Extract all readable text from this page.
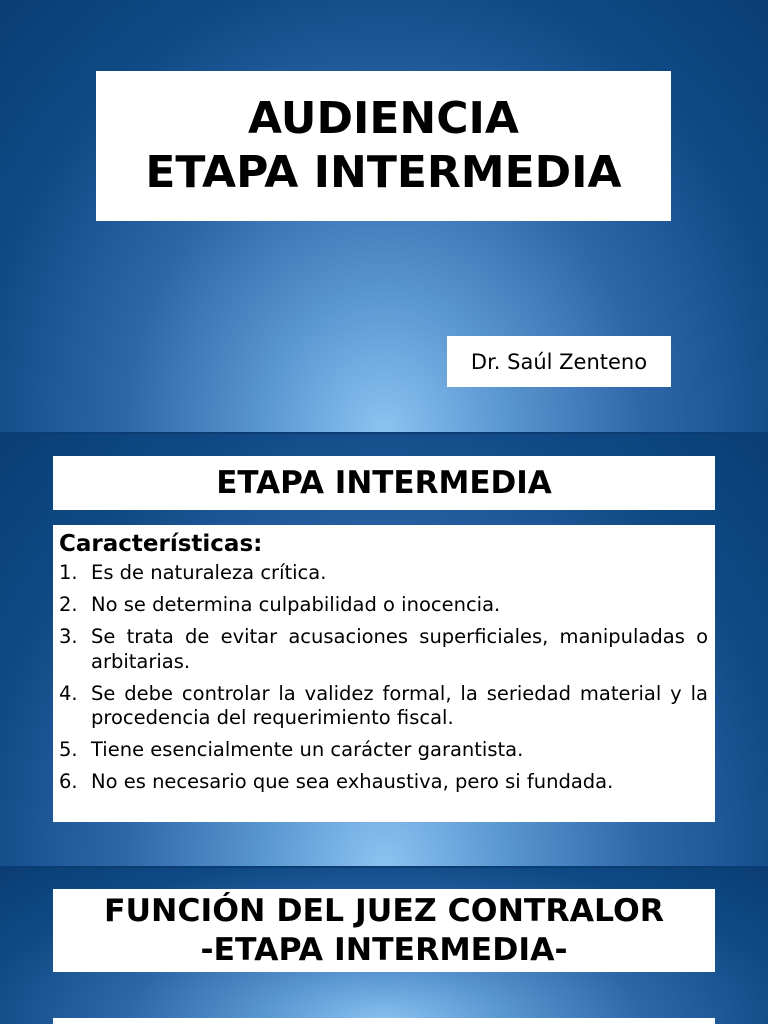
AUDIENCIA
ETAPA INTERMEDIA
Dr. Saúl Zenteno
ETAPA INTERMEDIA
Características:
1. Es de naturaleza crítica.
2. No se determina culpabilidad o inocencia.
3. Se trata de evitar acusaciones superficiales, manipuladas o arbitarias.
4. Se debe controlar la validez formal, la seriedad material y la procedencia del requerimiento fiscal.
5. Tiene esencialmente un carácter garantista.
6. No es necesario que sea exhaustiva, pero si fundada.
FUNCIÓN DEL JUEZ CONTRALOR
-ETAPA INTERMEDIA-
